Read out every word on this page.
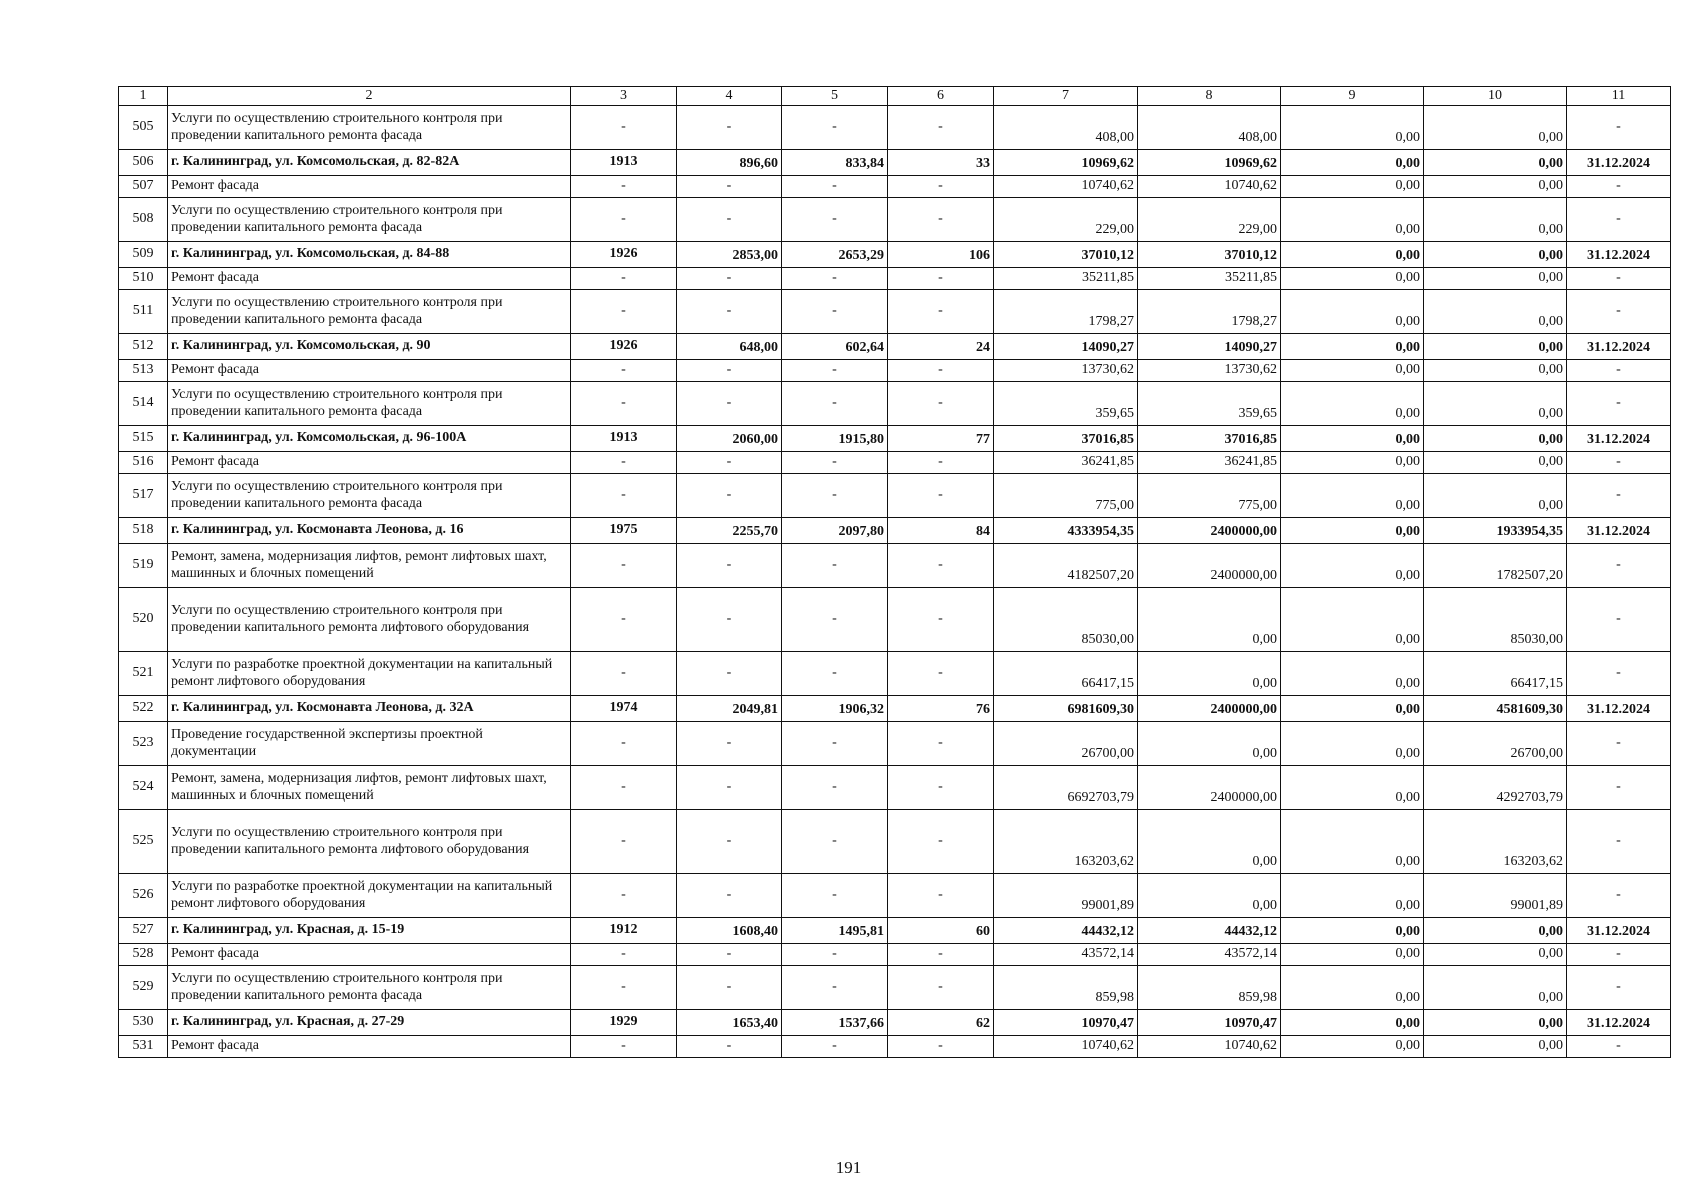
1	2	3	4	5	6	7	8	9	10	11
505	Услуги по осуществлению строительного контроля при проведении капитального ремонта фасада	-	-	-	-	408,00	408,00	0,00	0,00	-
506	г. Калининград, ул. Комсомольская, д. 82-82А	1913	896,60	833,84	33	10969,62	10969,62	0,00	0,00	31.12.2024
507	Ремонт фасада	-	-	-	-	10740,62	10740,62	0,00	0,00	-
508	Услуги по осуществлению строительного контроля при проведении капитального ремонта фасада	-	-	-	-	229,00	229,00	0,00	0,00	-
509	г. Калининград, ул. Комсомольская, д. 84-88	1926	2853,00	2653,29	106	37010,12	37010,12	0,00	0,00	31.12.2024
510	Ремонт фасада	-	-	-	-	35211,85	35211,85	0,00	0,00	-
511	Услуги по осуществлению строительного контроля при проведении капитального ремонта фасада	-	-	-	-	1798,27	1798,27	0,00	0,00	-
512	г. Калининград, ул. Комсомольская, д. 90	1926	648,00	602,64	24	14090,27	14090,27	0,00	0,00	31.12.2024
513	Ремонт фасада	-	-	-	-	13730,62	13730,62	0,00	0,00	-
514	Услуги по осуществлению строительного контроля при проведении капитального ремонта фасада	-	-	-	-	359,65	359,65	0,00	0,00	-
515	г. Калининград, ул. Комсомольская, д. 96-100А	1913	2060,00	1915,80	77	37016,85	37016,85	0,00	0,00	31.12.2024
516	Ремонт фасада	-	-	-	-	36241,85	36241,85	0,00	0,00	-
517	Услуги по осуществлению строительного контроля при проведении капитального ремонта фасада	-	-	-	-	775,00	775,00	0,00	0,00	-
518	г. Калининград, ул. Космонавта Леонова, д. 16	1975	2255,70	2097,80	84	4333954,35	2400000,00	0,00	1933954,35	31.12.2024
519	Ремонт, замена, модернизация лифтов, ремонт лифтовых шахт, машинных и блочных помещений	-	-	-	-	4182507,20	2400000,00	0,00	1782507,20	-
520	Услуги по осуществлению строительного контроля при проведении капитального ремонта лифтового оборудования	-	-	-	-	85030,00	0,00	0,00	85030,00	-
521	Услуги по разработке проектной документации на капитальный ремонт лифтового оборудования	-	-	-	-	66417,15	0,00	0,00	66417,15	-
522	г. Калининград, ул. Космонавта Леонова, д. 32А	1974	2049,81	1906,32	76	6981609,30	2400000,00	0,00	4581609,30	31.12.2024
523	Проведение государственной экспертизы проектной документации	-	-	-	-	26700,00	0,00	0,00	26700,00	-
524	Ремонт, замена, модернизация лифтов, ремонт лифтовых шахт, машинных и блочных помещений	-	-	-	-	6692703,79	2400000,00	0,00	4292703,79	-
525	Услуги по осуществлению строительного контроля при проведении капитального ремонта лифтового оборудования	-	-	-	-	163203,62	0,00	0,00	163203,62	-
526	Услуги по разработке проектной документации на капитальный ремонт лифтового оборудования	-	-	-	-	99001,89	0,00	0,00	99001,89	-
527	г. Калининград, ул. Красная, д. 15-19	1912	1608,40	1495,81	60	44432,12	44432,12	0,00	0,00	31.12.2024
528	Ремонт фасада	-	-	-	-	43572,14	43572,14	0,00	0,00	-
529	Услуги по осуществлению строительного контроля при проведении капитального ремонта фасада	-	-	-	-	859,98	859,98	0,00	0,00	-
530	г. Калининград, ул. Красная, д. 27-29	1929	1653,40	1537,66	62	10970,47	10970,47	0,00	0,00	31.12.2024
531	Ремонт фасада	-	-	-	-	10740,62	10740,62	0,00	0,00	-
191
